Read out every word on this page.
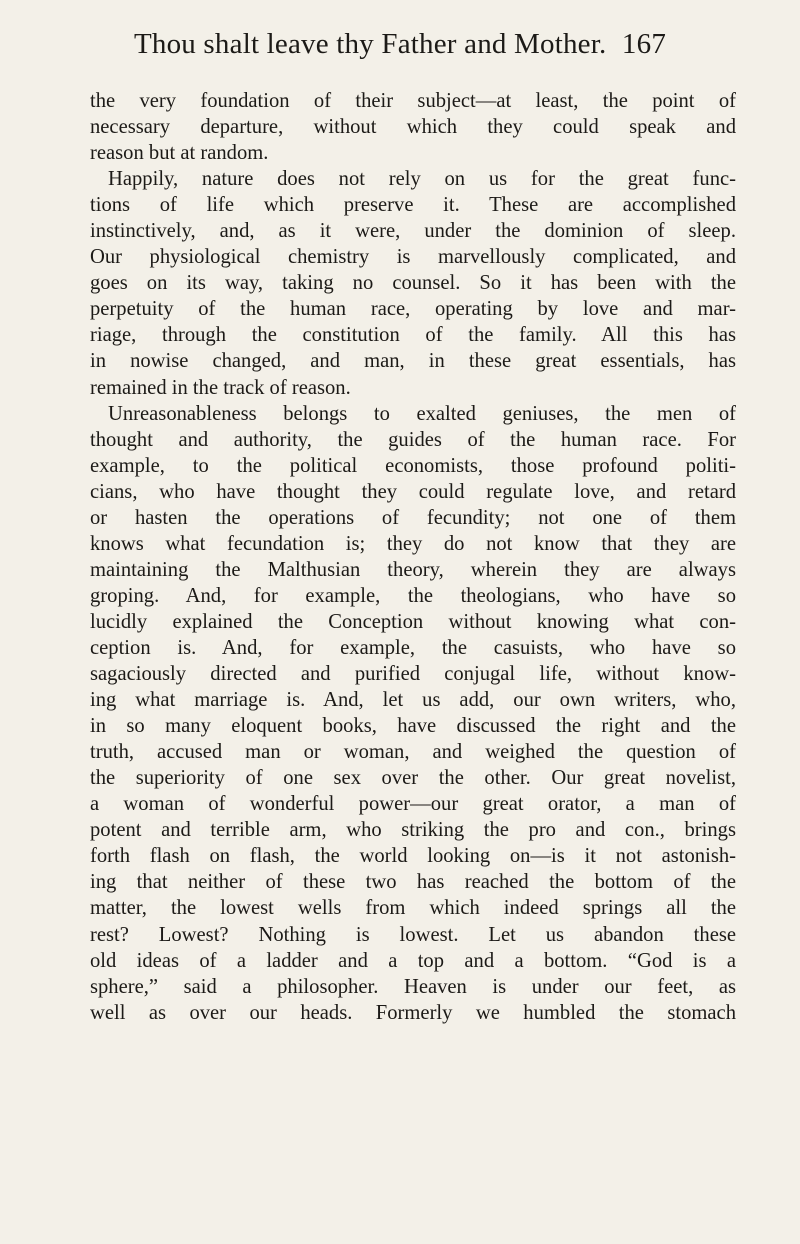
Thou shalt leave thy Father and Mother. 167
the very foundation of their subject—at least, the point of
necessary departure, without which they could speak and
reason but at random.
Happily, nature does not rely on us for the great func-
tions of life which preserve it. These are accomplished
instinctively, and, as it were, under the dominion of sleep.
Our physiological chemistry is marvellously complicated, and
goes on its way, taking no counsel. So it has been with the
perpetuity of the human race, operating by love and mar-
riage, through the constitution of the family. All this has
in nowise changed, and man, in these great essentials, has
remained in the track of reason.
Unreasonableness belongs to exalted geniuses, the men of
thought and authority, the guides of the human race. For
example, to the political economists, those profound politi-
cians, who have thought they could regulate love, and retard
or hasten the operations of fecundity; not one of them
knows what fecundation is; they do not know that they are
maintaining the Malthusian theory, wherein they are always
groping. And, for example, the theologians, who have so
lucidly explained the Conception without knowing what con-
ception is. And, for example, the casuists, who have so
sagaciously directed and purified conjugal life, without know-
ing what marriage is. And, let us add, our own writers, who,
in so many eloquent books, have discussed the right and the
truth, accused man or woman, and weighed the question of
the superiority of one sex over the other. Our great novelist,
a woman of wonderful power—our great orator, a man of
potent and terrible arm, who striking the pro and con., brings
forth flash on flash, the world looking on—is it not astonish-
ing that neither of these two has reached the bottom of the
matter, the lowest wells from which indeed springs all the
rest? Lowest? Nothing is lowest. Let us abandon these
old ideas of a ladder and a top and a bottom. “God is a
sphere,” said a philosopher. Heaven is under our feet, as
well as over our heads. Formerly we humbled the stomach
